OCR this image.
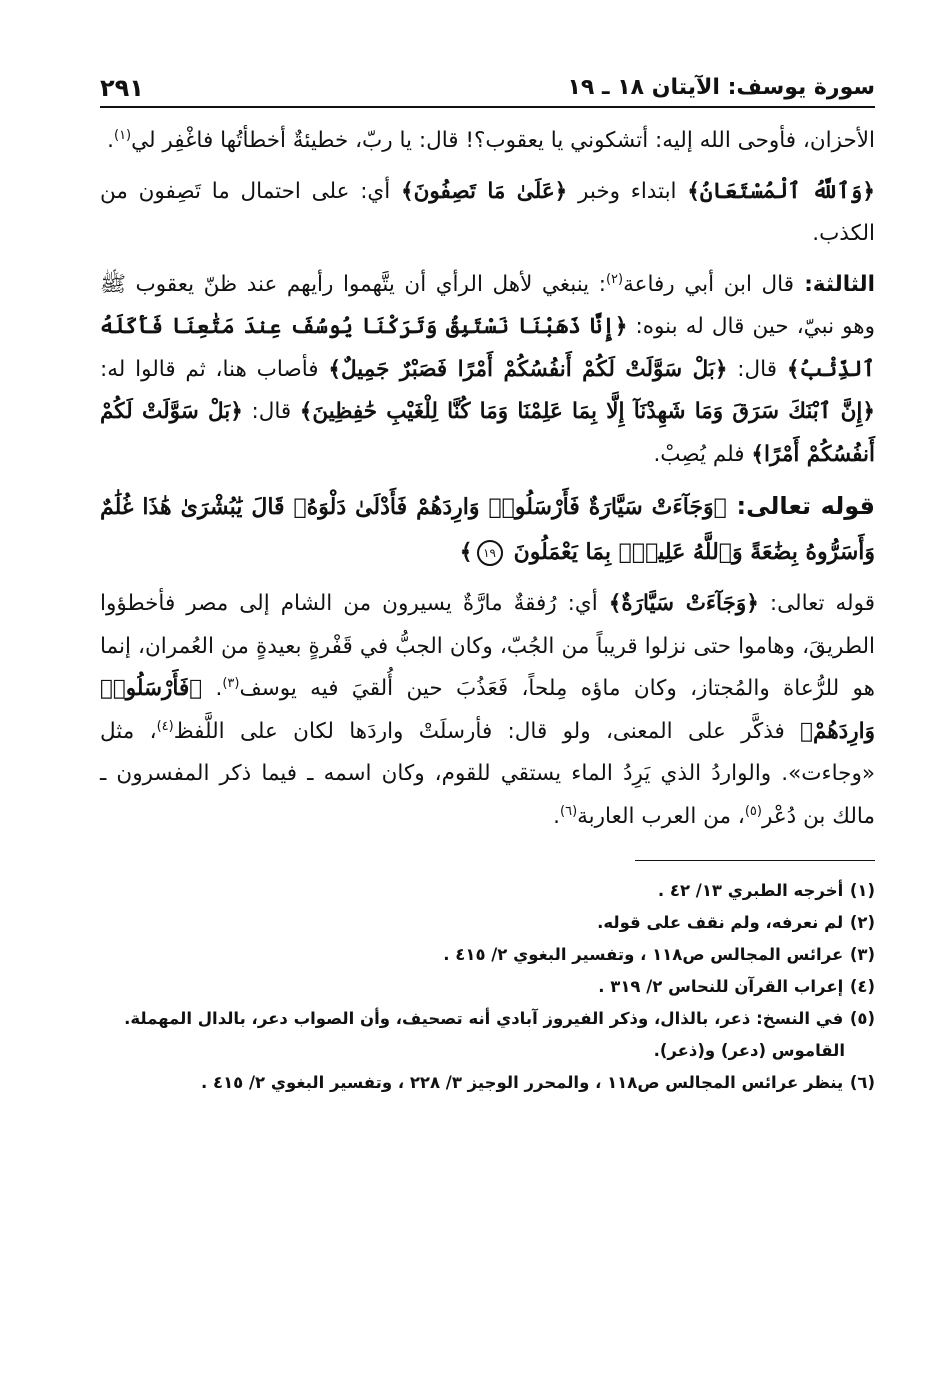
سورة يوسف: الآيتان ١٨ ـ ١٩
٢٩١

الأحزان، فأوحى الله إليه: أتشكوني يا يعقوب؟! قال: يا ربّ، خطيئةٌ أخطأتُها فاغْفِر لي$^{(١)}$.

﴿وَٱللَّهُ ٱلْمُسْتَعَانُ﴾ ابتداء وخبر ﴿عَلَىٰ مَا تَصِفُونَ﴾ أي: على احتمال ما تَصِفون من الكذب.

الثالثة: قال ابن أبي رفاعة$^{(٢)}$: ينبغي لأهل الرأي أن يتَّهموا رأيهم عند ظنّ يعقوب ﷺ وهو نبيّ، حين قال له بنوه: ﴿إِنَّا ذَهَبْنَا نَسْتَبِقُ وَتَرَكْنَا يُوسُفَ عِندَ مَتَٰعِنَا فَأَكَلَهُ ٱلذِّئْبُ﴾ قال: ﴿بَلْ سَوَّلَتْ لَكُمْ أَنفُسُكُمْ أَمْرًا فَصَبْرٌ جَمِيلٌ﴾ فأصاب هنا، ثم قالوا له: ﴿إِنَّ ٱبْنَكَ سَرَقَ وَمَا شَهِدْنَآ إِلَّا بِمَا عَلِمْنَا وَمَا كُنَّا لِلْغَيْبِ حَٰفِظِينَ﴾ قال: ﴿بَلْ سَوَّلَتْ لَكُمْ أَنفُسُكُمْ أَمْرًا﴾ فلم يُصِبْ.

قوله تعالى: ﴿وَجَآءَتْ سَيَّارَةٌ فَأَرْسَلُوا۟ وَارِدَهُمْ فَأَدْلَىٰ دَلْوَهُۥ قَالَ يَٰبُشْرَىٰ هَٰذَا غُلَٰمٌ وَأَسَرُّوهُ بِضَٰعَةً وَٱللَّهُ عَلِيمٌۢ بِمَا يَعْمَلُونَ ١٩﴾

قوله تعالى: ﴿وَجَآءَتْ سَيَّارَةٌ﴾ أي: رُفقةٌ مارَّةٌ يسيرون من الشام إلى مصر فأخطؤوا الطريقَ، وهاموا حتى نزلوا قريباً من الجُبّ، وكان الجبُّ في قَفْرةٍ بعيدةٍ من العُمران، إنما هو للرُّعاة والمُجتاز، وكان ماؤه مِلحاً، فَعَذُبَ حين أُلقيَ فيه يوسف$^{(٣)}$. ﴿فَأَرْسَلُوا۟ وَارِدَهُمْ﴾ فذكَّر على المعنى، ولو قال: فأرسلَتْ واردَها لكان على اللَّفظ$^{(٤)}$، مثل «وجاءت». والواردُ الذي يَرِدُ الماء يستقي للقوم، وكان اسمه ـ فيما ذكر المفسرون ـ مالك بن دُعْر$^{(٥)}$، من العرب العاربة$^{(٦)}$.

(١) أخرجه الطبري ١٣/ ٤٢ .

(٢) لم نعرفه، ولم نقف على قوله.

(٣) عرائس المجالس ص١١٨ ، وتفسير البغوي ٢/ ٤١٥ .

(٤) إعراب القرآن للنحاس ٢/ ٣١٩ .

(٥) في النسخ: ذعر، بالذال، وذكر الفيروز آبادي أنه تصحيف، وأن الصواب دعر، بالدال المهملة.

القاموس (دعر) و(ذعر).

(٦) ينظر عرائس المجالس ص١١٨ ، والمحرر الوجيز ٣/ ٢٢٨ ، وتفسير البغوي ٢/ ٤١٥ .
